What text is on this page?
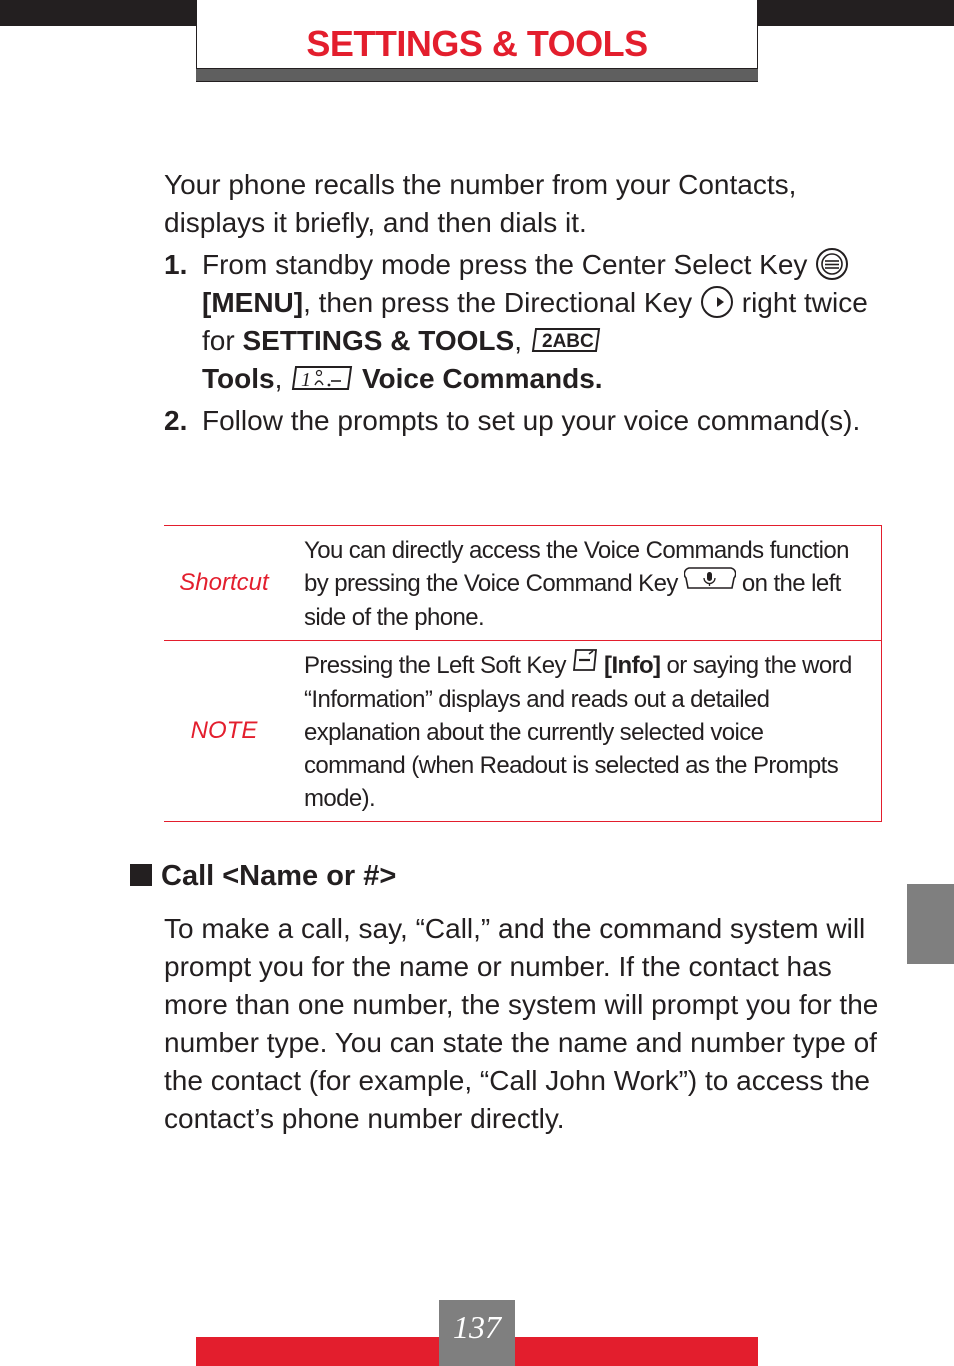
SETTINGS & TOOLS

Your phone recalls the number from your Contacts, displays it briefly, and then dials it.

1. From standby mode press the Center Select Key
[MENU], then press the Directional Key right twice for SETTINGS & TOOLS, 2ABC

Tools, 1 Voice Commands.
2. Follow the prompts to set up your voice command(s).
Shortcut	You can directly access the Voice Commands function by pressing the Voice Command Key on the left side of the phone.
NOTE	Pressing the Left Soft Key [Info] or saying the word “Information” displays and reads out a detailed explanation about the currently selected voice command (when Readout is selected as the Prompts mode).
Call <Name or #>

To make a call, say, “Call,” and the command system will prompt you for the name or number. If the contact has more than one number, the system will prompt you for the number type. You can state the name and number type of the contact (for example, “Call John Work”) to access the contact’s phone number directly.

137
